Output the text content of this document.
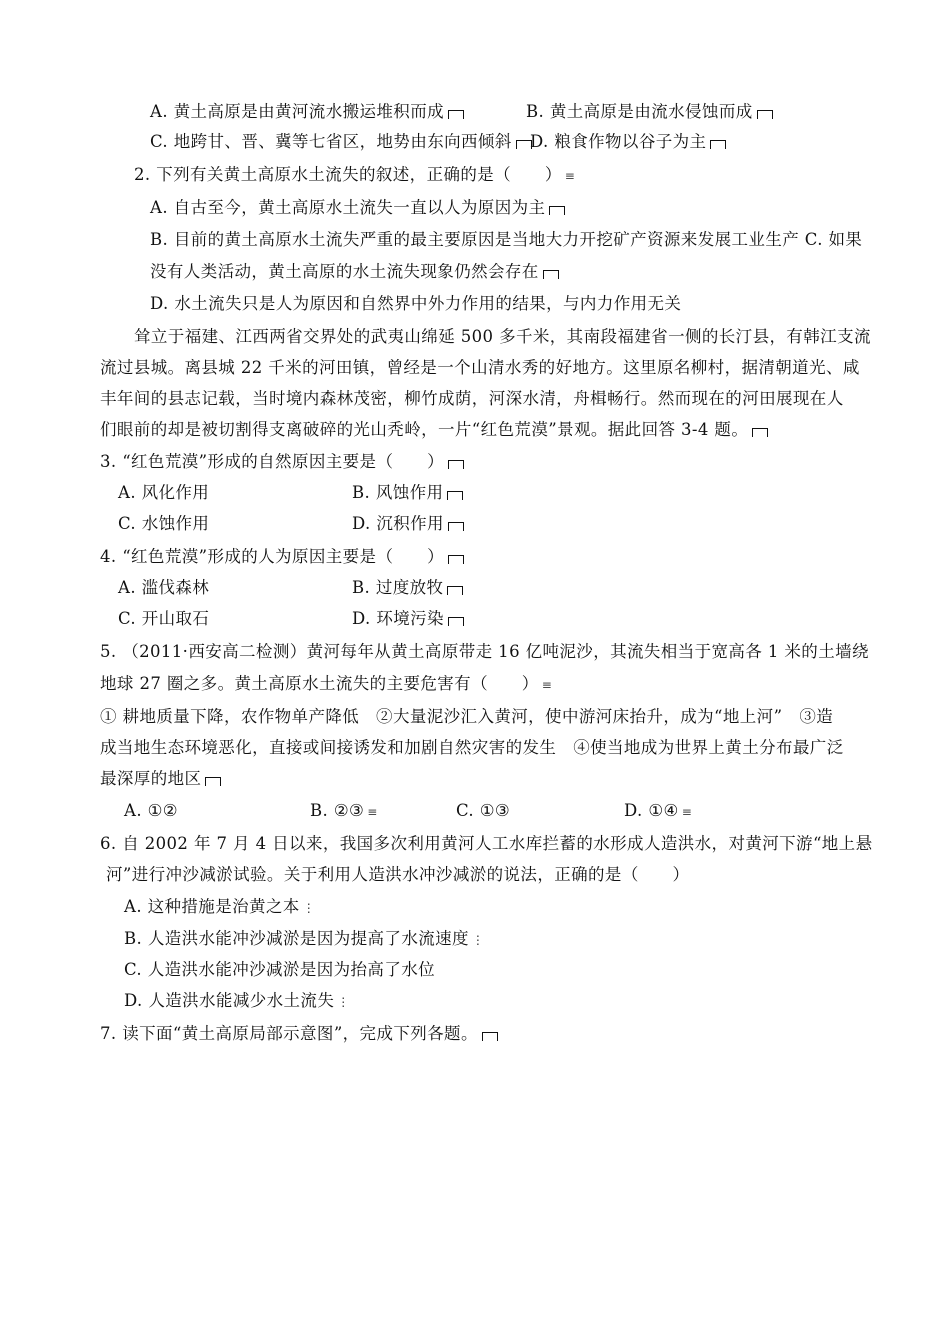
A. 黄土高原是由黄河流水搬运堆积而成	B. 黄土高原是由流水侵蚀而成
C. 地跨甘、晋、冀等七省区，地势由东向西倾斜	D. 粮食作物以谷子为主
2. 下列有关黄土高原水土流失的叙述，正确的是（　　） ≡
A. 自古至今，黄土高原水土流失一直以人为原因为主
B. 目前的黄土高原水土流失严重的最主要原因是当地大力开挖矿产资源来发展工业生产 C. 如果
没有人类活动，黄土高原的水土流失现象仍然会存在
D. 水土流失只是人为原因和自然界中外力作用的结果，与内力作用无关
耸立于福建、江西两省交界处的武夷山绵延 500 多千米，其南段福建省一侧的长汀县，有韩江支流
流过县城。离县城 22 千米的河田镇，曾经是一个山清水秀的好地方。这里原名柳村，据清朝道光、咸
丰年间的县志记载，当时境内森林茂密，柳竹成荫，河深水清，舟楫畅行。然而现在的河田展现在人
们眼前的却是被切割得支离破碎的光山秃岭，一片“红色荒漠”景观。据此回答 3-4 题。
3. “红色荒漠”形成的自然原因主要是（　　）
A. 风化作用	B. 风蚀作用
C. 水蚀作用	D. 沉积作用
4. “红色荒漠”形成的人为原因主要是（　　）
A. 滥伐森林	B. 过度放牧
C. 开山取石	D. 环境污染
5. （2011·西安高二检测）黄河每年从黄土高原带走 16 亿吨泥沙，其流失相当于宽高各 1 米的土墙绕
地球 27 圈之多。黄土高原水土流失的主要危害有（　　） ≡
① 耕地质量下降，农作物单产降低　②大量泥沙汇入黄河，使中游河床抬升，成为“地上河”　③造
成当地生态环境恶化，直接或间接诱发和加剧自然灾害的发生　④使当地成为世界上黄土分布最广泛
最深厚的地区
A. ①②	B. ②③ ≡	C. ①③	D. ①④ ≡
6. 自 2002 年 7 月 4 日以来，我国多次利用黄河人工水库拦蓄的水形成人造洪水，对黄河下游“地上悬
河”进行冲沙减淤试验。关于利用人造洪水冲沙减淤的说法，正确的是（　　）
A. 这种措施是治黄之本 ⋮
B. 人造洪水能冲沙减淤是因为提高了水流速度 ⋮
C. 人造洪水能冲沙减淤是因为抬高了水位
D. 人造洪水能减少水土流失 ⋮
7. 读下面“黄土高原局部示意图”，完成下列各题。
